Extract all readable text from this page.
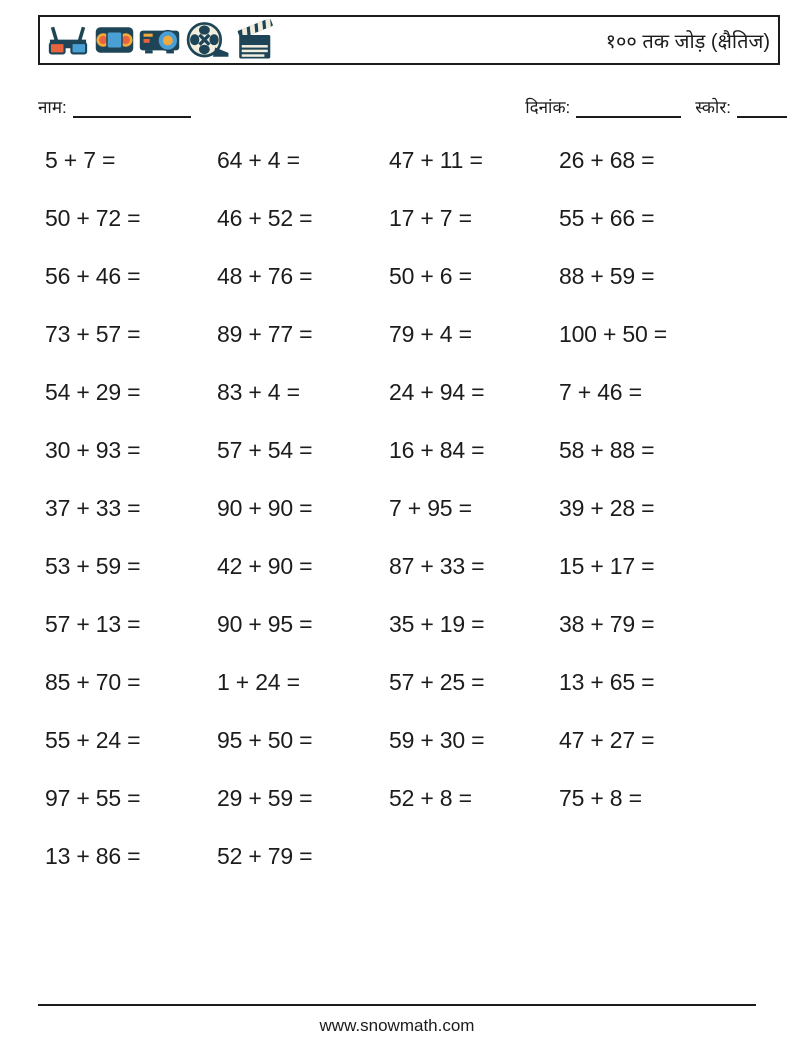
१०० तक जोड़ (क्षैतिज)
नाम:	दिनांक:	स्कोर:
5 + 7 =	64 + 4 =	47 + 11 =	26 + 68 =
50 + 72 =	46 + 52 =	17 + 7 =	55 + 66 =
56 + 46 =	48 + 76 =	50 + 6 =	88 + 59 =
73 + 57 =	89 + 77 =	79 + 4 =	100 + 50 =
54 + 29 =	83 + 4 =	24 + 94 =	7 + 46 =
30 + 93 =	57 + 54 =	16 + 84 =	58 + 88 =
37 + 33 =	90 + 90 =	7 + 95 =	39 + 28 =
53 + 59 =	42 + 90 =	87 + 33 =	15 + 17 =
57 + 13 =	90 + 95 =	35 + 19 =	38 + 79 =
85 + 70 =	1 + 24 =	57 + 25 =	13 + 65 =
55 + 24 =	95 + 50 =	59 + 30 =	47 + 27 =
97 + 55 =	29 + 59 =	52 + 8 =	75 + 8 =
13 + 86 =	52 + 79 =
www.snowmath.com
